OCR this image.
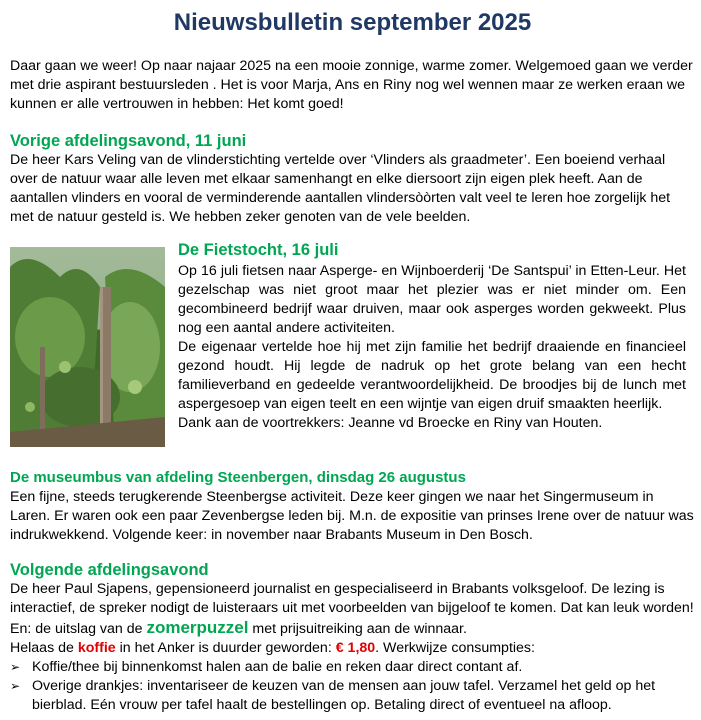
Nieuwsbulletin september 2025

Daar gaan we weer! Op naar najaar 2025 na een mooie zonnige, warme zomer. Welgemoed gaan we verder met drie aspirant bestuursleden . Het is voor Marja, Ans en Riny nog wel wennen maar ze werken eraan we kunnen er alle vertrouwen in hebben: Het komt goed!

Vorige afdelingsavond, 11 juni

De heer Kars Veling van de vlinderstichting vertelde over ‘Vlinders als graadmeter’. Een boeiend verhaal over de natuur waar alle leven met elkaar samenhangt en elke diersoort zijn eigen plek heeft. Aan de aantallen vlinders en vooral de verminderende aantallen vlindersòòrten valt veel te leren hoe zorgelijk het met de natuur gesteld is. We hebben zeker genoten van de vele beelden.

De Fietstocht, 16 juli

Op 16 juli fietsen naar Asperge- en Wijnboerderij ‘De Santspui’ in Etten-Leur. Het gezelschap was niet groot maar het plezier was er niet minder om. Een gecombineerd bedrijf waar druiven, maar ook asperges worden gekweekt. Plus nog een aantal andere activiteiten.

De eigenaar vertelde hoe hij met zijn familie het bedrijf draaiende en financieel gezond houdt. Hij legde de nadruk op het grote belang van een hecht familieverband en gedeelde verantwoordelijkheid. De broodjes bij de lunch met aspergesoep van eigen teelt en een wijntje van eigen druif smaakten heerlijk.

Dank aan de voortrekkers: Jeanne vd Broecke en Riny van Houten.

De museumbus van afdeling Steenbergen, dinsdag 26 augustus

Een fijne, steeds terugkerende Steenbergse activiteit. Deze keer gingen we naar het Singermuseum in Laren. Er waren ook een paar Zevenbergse leden bij. M.n. de expositie van prinses Irene over de natuur was indrukwekkend. Volgende keer: in november naar Brabants Museum in Den Bosch.

Volgende afdelingsavond

De heer Paul Sjapens, gepensioneerd journalist en gespecialiseerd in Brabants volksgeloof. De lezing is interactief, de spreker nodigt de luisteraars uit met voorbeelden van bijgeloof te komen. Dat kan leuk worden! En: de uitslag van de zomerpuzzel met prijsuitreiking aan de winnaar.

Helaas de koffie in het Anker is duurder geworden: € 1,80. Werkwijze consumpties:

➢ Koffie/thee bij binnenkomst halen aan de balie en reken daar direct contant af.
➢ Overige drankjes: inventariseer de keuzen van de mensen aan jouw tafel. Verzamel het geld op het bierblad. Eén vrouw per tafel haalt de bestellingen op. Betaling direct of eventueel na afloop.
